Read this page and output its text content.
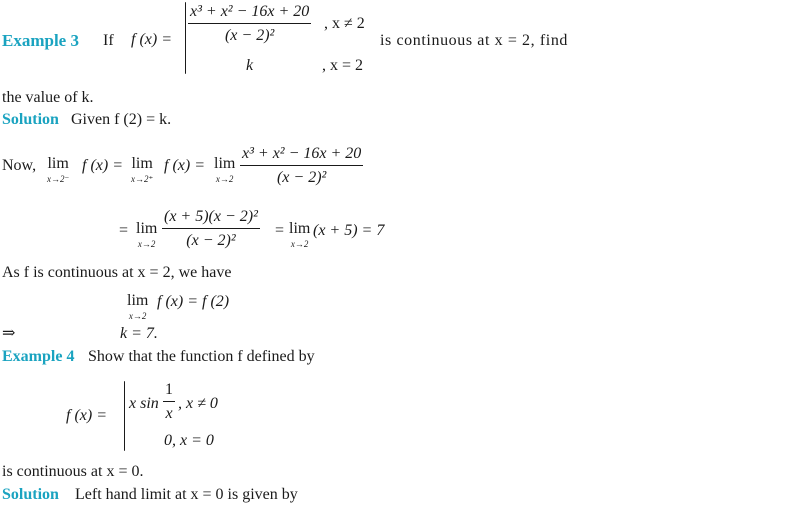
Example 3 If f (x) =
x³ + x² − 16x + 20
(x − 2)²
, x ≠ 2
k	, x = 2
is continuous at x = 2, find
the value of k.
Solution Given f (2) = k.
Now, lim
x→2⁻
f (x) = lim
x→2⁺
f (x) = lim
x→2
x³ + x² − 16x + 20
(x − 2)²
= lim
x→2
(x + 5)(x − 2)²
(x − 2)²
= lim
x→2
(x + 5) = 7
As f is continuous at x = 2, we have
lim
x→2
f (x) = f (2)
⇒	k = 7.
Example 4 Show that the function f defined by
f (x) =
x sin
1
x
, x ≠ 0
0, x = 0
is continuous at x = 0.
Solution Left hand limit at x = 0 is given by
